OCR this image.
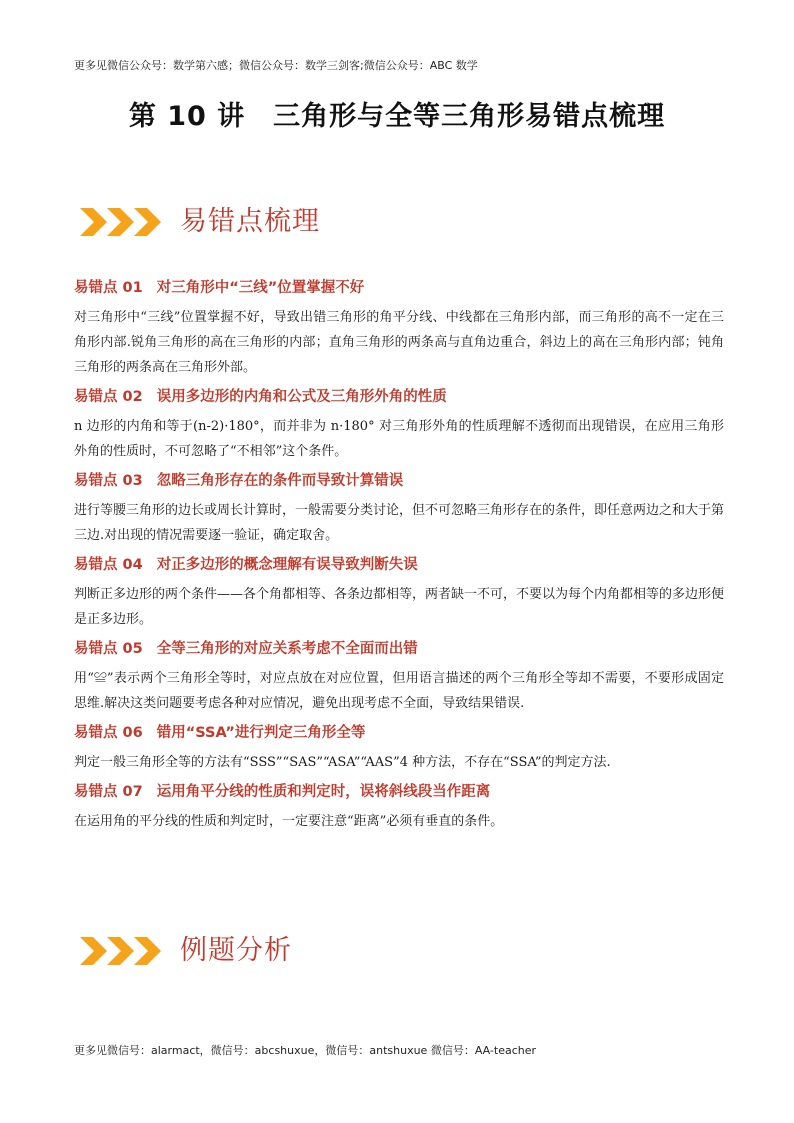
更多见微信公众号：数学第六感；微信公众号：数学三剑客;微信公众号：ABC 数学
第 10 讲　三角形与全等三角形易错点梳理
易错点梳理
易错点 01 对三角形中“三线”位置掌握不好
对三角形中“三线”位置掌握不好，导致出错三角形的角平分线、中线都在三角形内部，而三角形的高不一定在三角形内部.锐角三角形的高在三角形的内部；直角三角形的两条高与直角边重合，斜边上的高在三角形内部；钝角三角形的两条高在三角形外部。
易错点 02 误用多边形的内角和公式及三角形外角的性质
n 边形的内角和等于(n-2)·180°，而并非为 n·180° 对三角形外角的性质理解不透彻而出现错误，在应用三角形外角的性质时，不可忽略了“不相邻”这个条件。
易错点 03 忽略三角形存在的条件而导致计算错误
进行等腰三角形的边长或周长计算时，一般需要分类讨论，但不可忽略三角形存在的条件，即任意两边之和大于第三边.对出现的情况需要逐一验证，确定取舍。
易错点 04 对正多边形的概念理解有误导致判断失误
判断正多边形的两个条件——各个角都相等、各条边都相等，两者缺一不可，不要以为每个内角都相等的多边形便是正多边形。
易错点 05 全等三角形的对应关系考虑不全面而出错
用“≌”表示两个三角形全等时，对应点放在对应位置，但用语言描述的两个三角形全等却不需要，不要形成固定思维.解决这类问题要考虑各种对应情况，避免出现考虑不全面，导致结果错误.
易错点 06 错用“SSA”进行判定三角形全等
判定一般三角形全等的方法有“SSS”“SAS”“ASA”“AAS”4 种方法，不存在“SSA”的判定方法.
易错点 07 运用角平分线的性质和判定时，误将斜线段当作距离
在运用角的平分线的性质和判定时，一定要注意“距离”必须有垂直的条件。
例题分析
更多见微信号：alarmact，微信号：abcshuxue，微信号：antshuxue 微信号：AA-teacher
